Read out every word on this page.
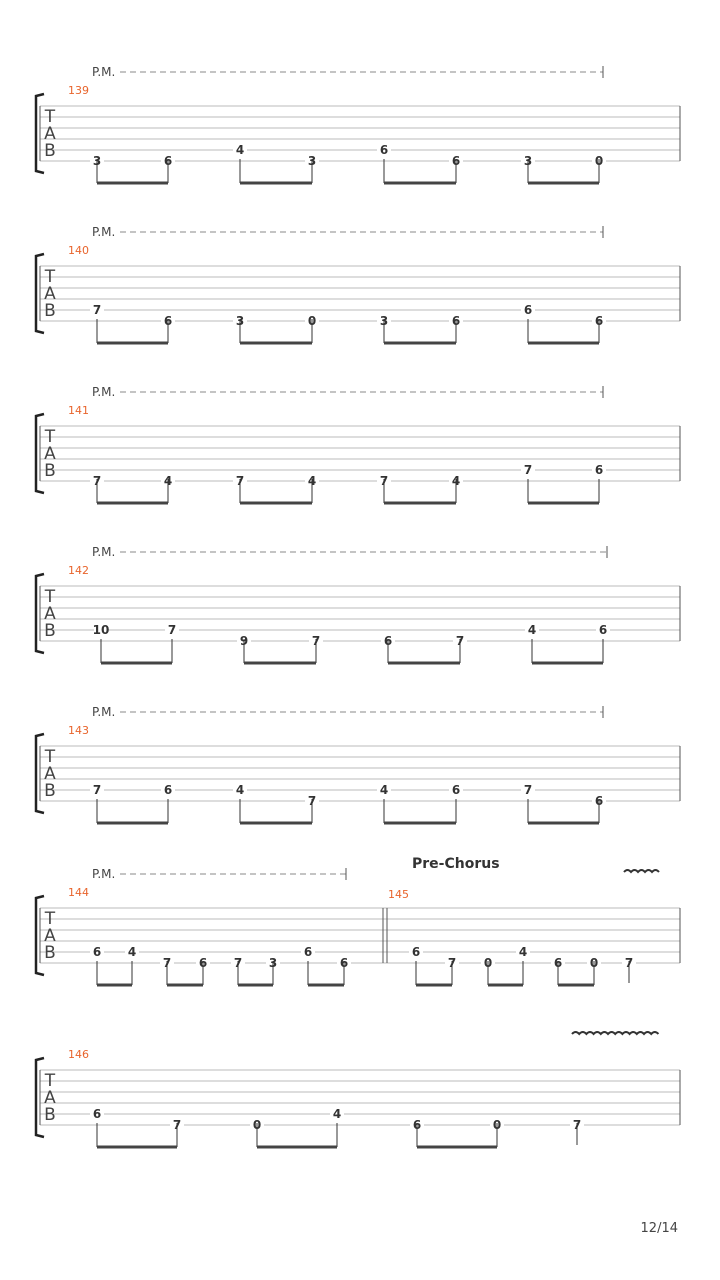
P.M.
T
A
B
139
3	6
4
3
6
6	3	0
P.M.
T
A
B
140
7
6	3	0	3	6
6
6
P.M.
T
A
B
141
7	4	7	4	7	4
7	6
P.M.
T
A
B
142
10	7
9	7	6	7
4	6
P.M.
T
A
B
143
7	6	4
7
4	6	7
6
P.M.
Pre-Chorus
145
T
A
B
144
6 4
7 6 7 3
6
6
6
7 0
4
6 0 7
T
A
B
146
6
7	0
4
6	0	7
12/14
